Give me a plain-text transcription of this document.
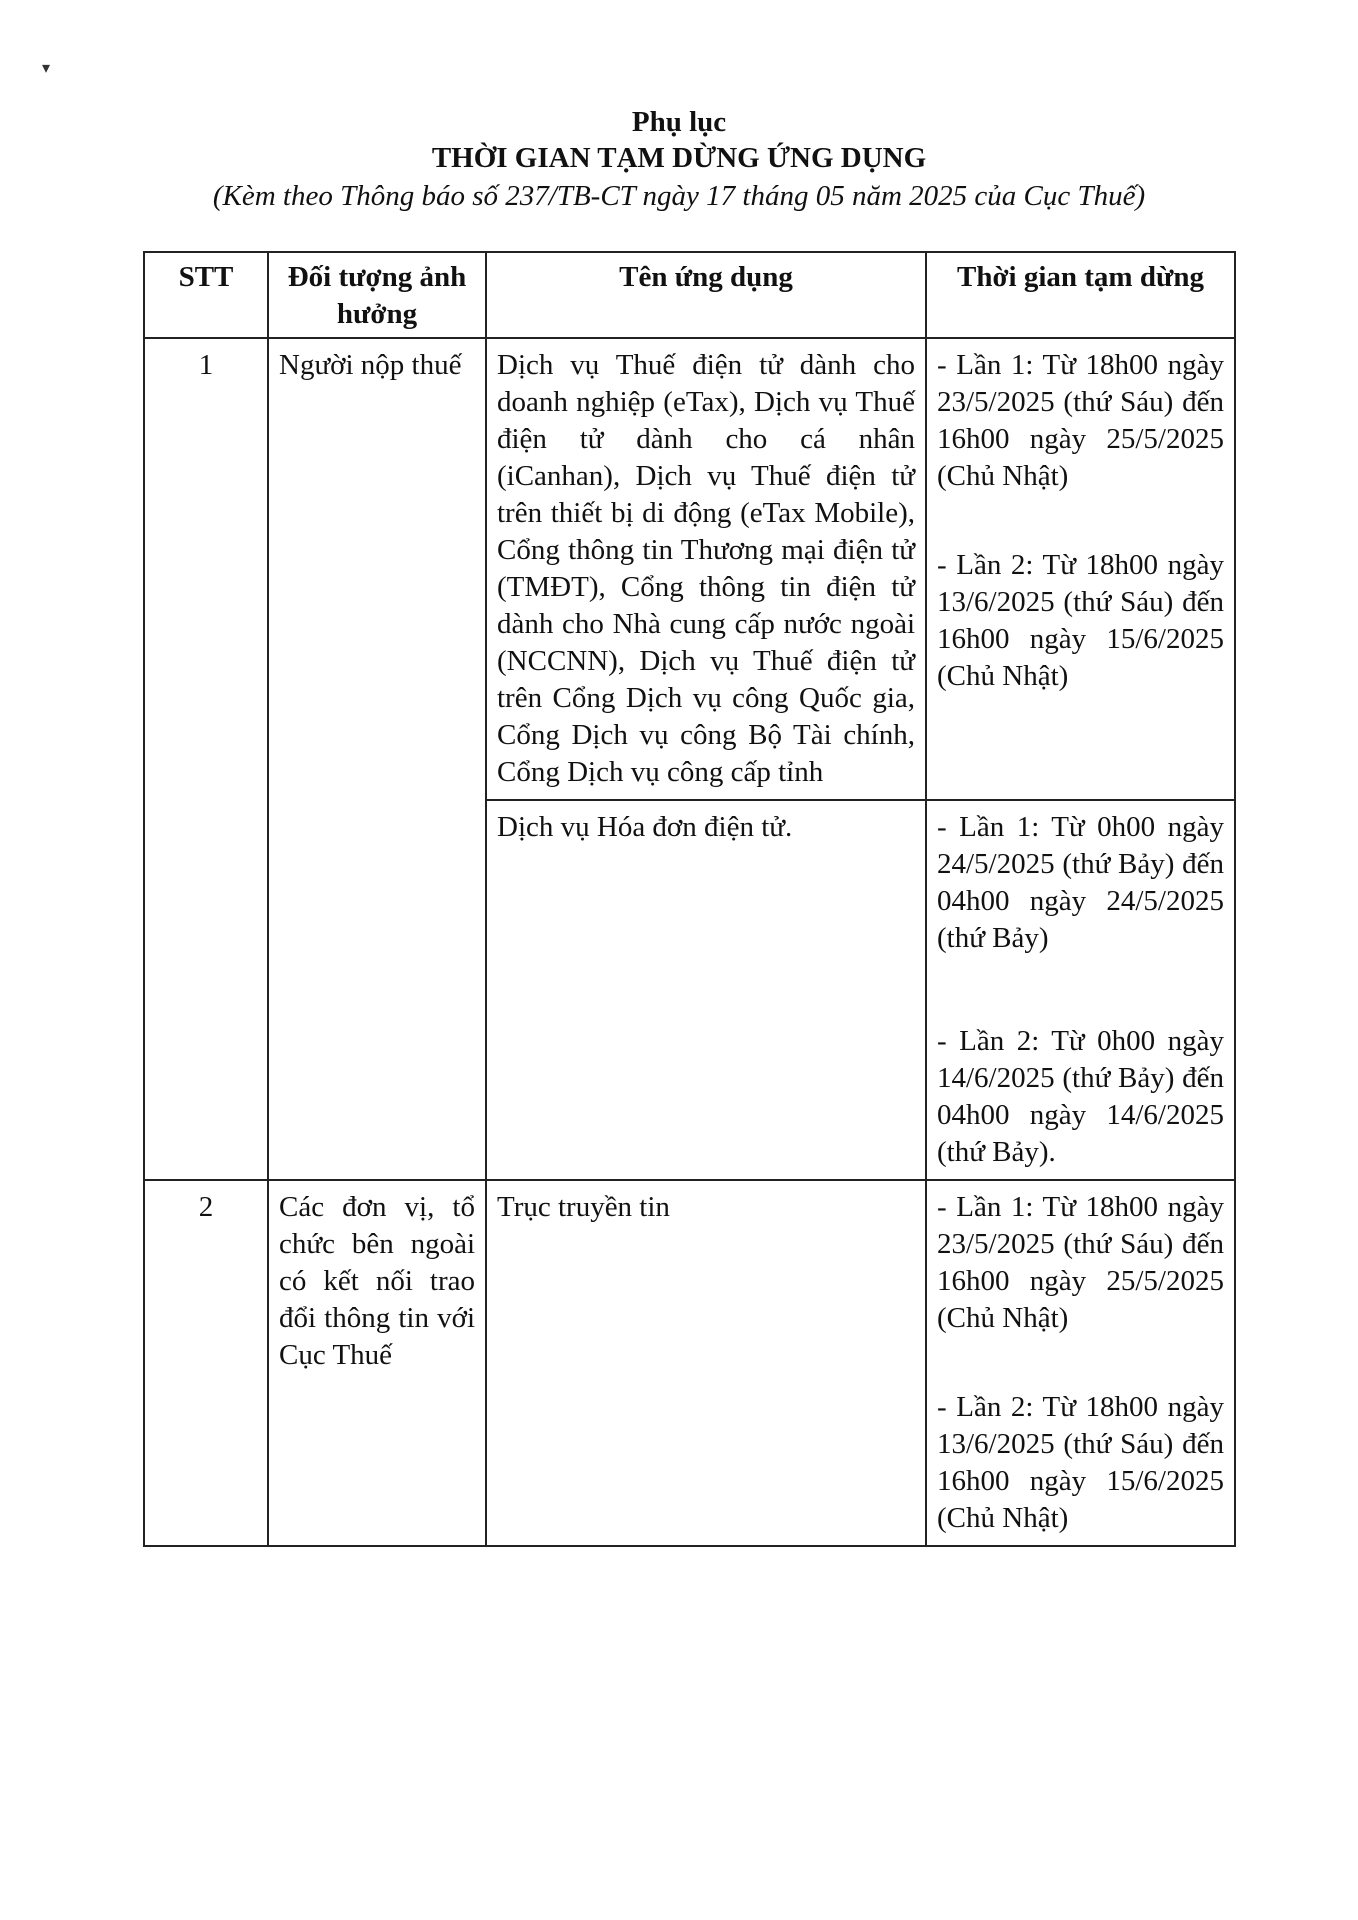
▾
Phụ lục
THỜI GIAN TẠM DỪNG ỨNG DỤNG
(Kèm theo Thông báo số 237/TB-CT ngày 17 tháng 05 năm 2025 của Cục Thuế)
STT	Đối tượng ảnh hưởng	Tên ứng dụng	Thời gian tạm dừng
1	Người nộp thuế	Dịch vụ Thuế điện tử dành cho doanh nghiệp (eTax), Dịch vụ Thuế điện tử dành cho cá nhân (iCanhan), Dịch vụ Thuế điện tử trên thiết bị di động (eTax Mobile), Cổng thông tin Thương mại điện tử (TMĐT), Cổng thông tin điện tử dành cho Nhà cung cấp nước ngoài (NCCNN), Dịch vụ Thuế điện tử trên Cổng Dịch vụ công Quốc gia, Cổng Dịch vụ công Bộ Tài chính, Cổng Dịch vụ công cấp tỉnh	- Lần 1: Từ 18h00 ngày 23/5/2025 (thứ Sáu) đến 16h00 ngày 25/5/2025 (Chủ Nhật)
- Lần 2: Từ 18h00 ngày 13/6/2025 (thứ Sáu) đến 16h00 ngày 15/6/2025 (Chủ Nhật)

		Dịch vụ Hóa đơn điện tử.	- Lần 1: Từ 0h00 ngày 24/5/2025 (thứ Bảy) đến 04h00 ngày 24/5/2025 (thứ Bảy)
- Lần 2: Từ 0h00 ngày 14/6/2025 (thứ Bảy) đến 04h00 ngày 14/6/2025 (thứ Bảy).

2	Các đơn vị, tổ chức bên ngoài có kết nối trao đổi thông tin với Cục Thuế	Trục truyền tin	- Lần 1: Từ 18h00 ngày 23/5/2025 (thứ Sáu) đến 16h00 ngày 25/5/2025 (Chủ Nhật)
- Lần 2: Từ 18h00 ngày 13/6/2025 (thứ Sáu) đến 16h00 ngày 15/6/2025 (Chủ Nhật)
